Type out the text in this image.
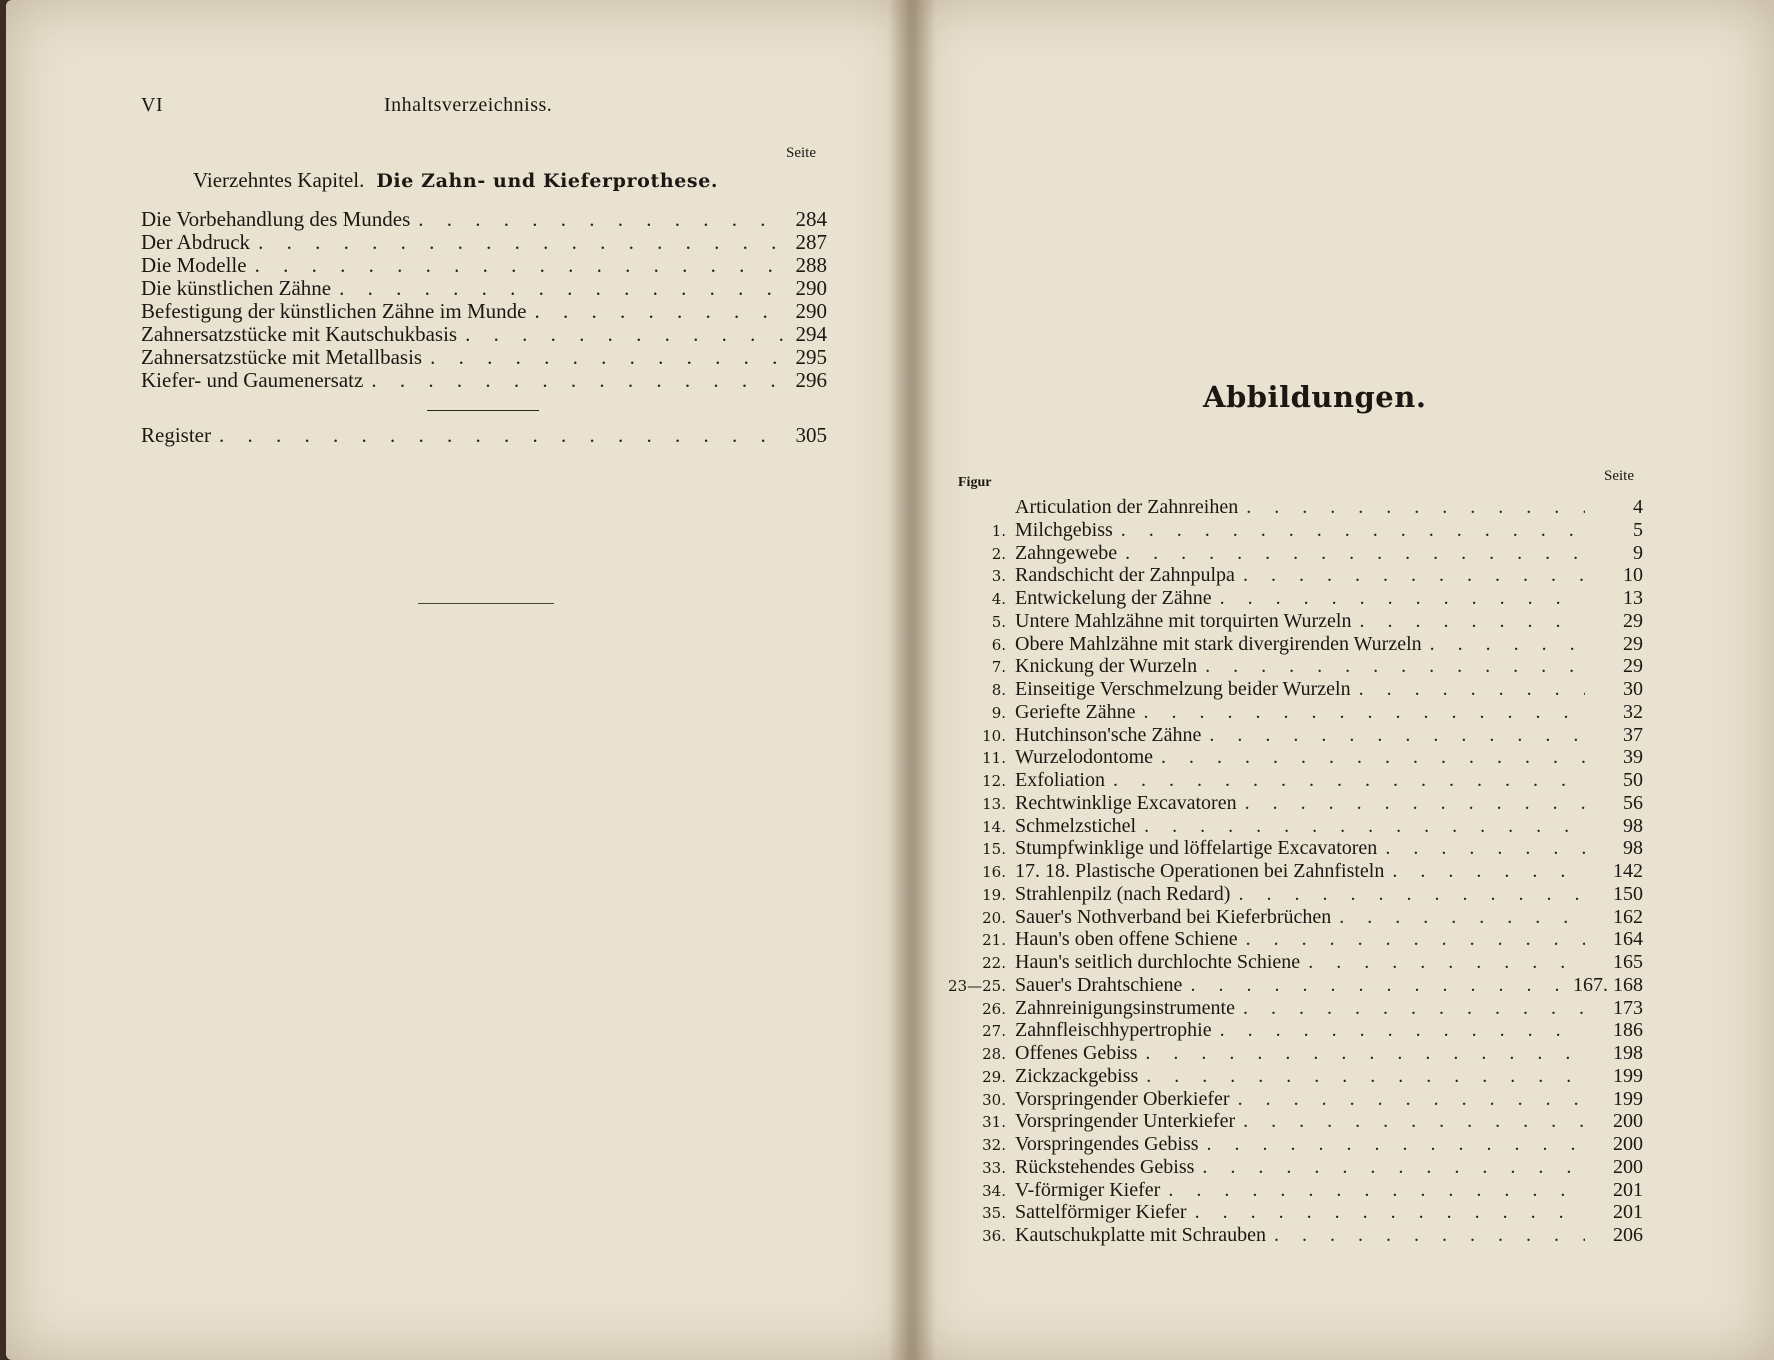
VI	Inhaltsverzeichniss.
Seite
Vierzehntes Kapitel. Die Zahn- und Kieferprothese.
Die Vorbehandlung des Mundes . . .	284
Der Abdruck . . .	287
Die Modelle . . .	288
Die künstlichen Zähne . . .	290
Befestigung der künstlichen Zähne im Munde . . .	290
Zahnersatzstücke mit Kautschukbasis . . .	294
Zahnersatzstücke mit Metallbasis . . .	295
Kiefer- und Gaumenersatz . . .	296
Register . . .	305
Abbildungen.
Figur	Seite
Articulation der Zahnreihen . . .	4
1. Milchgebiss . . .	5
2. Zahngewebe . . .	9
3. Randschicht der Zahnpulpa . . .	10
4. Entwickelung der Zähne . . .	13
5. Untere Mahlzähne mit torquirten Wurzeln . . .	29
6. Obere Mahlzähne mit stark divergirenden Wurzeln . . .	29
7. Knickung der Wurzeln . . .	29
8. Einseitige Verschmelzung beider Wurzeln . . .	30
9. Geriefte Zähne . . .	32
10. Hutchinson'sche Zähne . . .	37
11. Wurzelodontome . . .	39
12. Exfoliation . . .	50
13. Rechtwinklige Excavatoren . . .	56
14. Schmelzstichel . . .	98
15. Stumpfwinklige und löffelartige Excavatoren . . .	98
16. 17. 18. Plastische Operationen bei Zahnfisteln . . .	142
19. Strahlenpilz (nach Redard) . . .	150
20. Sauer's Nothverband bei Kieferbrüchen . . .	162
21. Haun's oben offene Schiene . . .	164
22. Haun's seitlich durchlochte Schiene . . .	165
23—25. Sauer's Drahtschiene . . .	167. 168
26. Zahnreinigungsinstrumente . . .	173
27. Zahnfleischhypertrophie . . .	186
28. Offenes Gebiss . . .	198
29. Zickzackgebiss . . .	199
30. Vorspringender Oberkiefer . . .	199
31. Vorspringender Unterkiefer . . .	200
32. Vorspringendes Gebiss . . .	200
33. Rückstehendes Gebiss . . .	200
34. V-förmiger Kiefer . . .	201
35. Sattelförmiger Kiefer . . .	201
36. Kautschukplatte mit Schrauben . . .	206
